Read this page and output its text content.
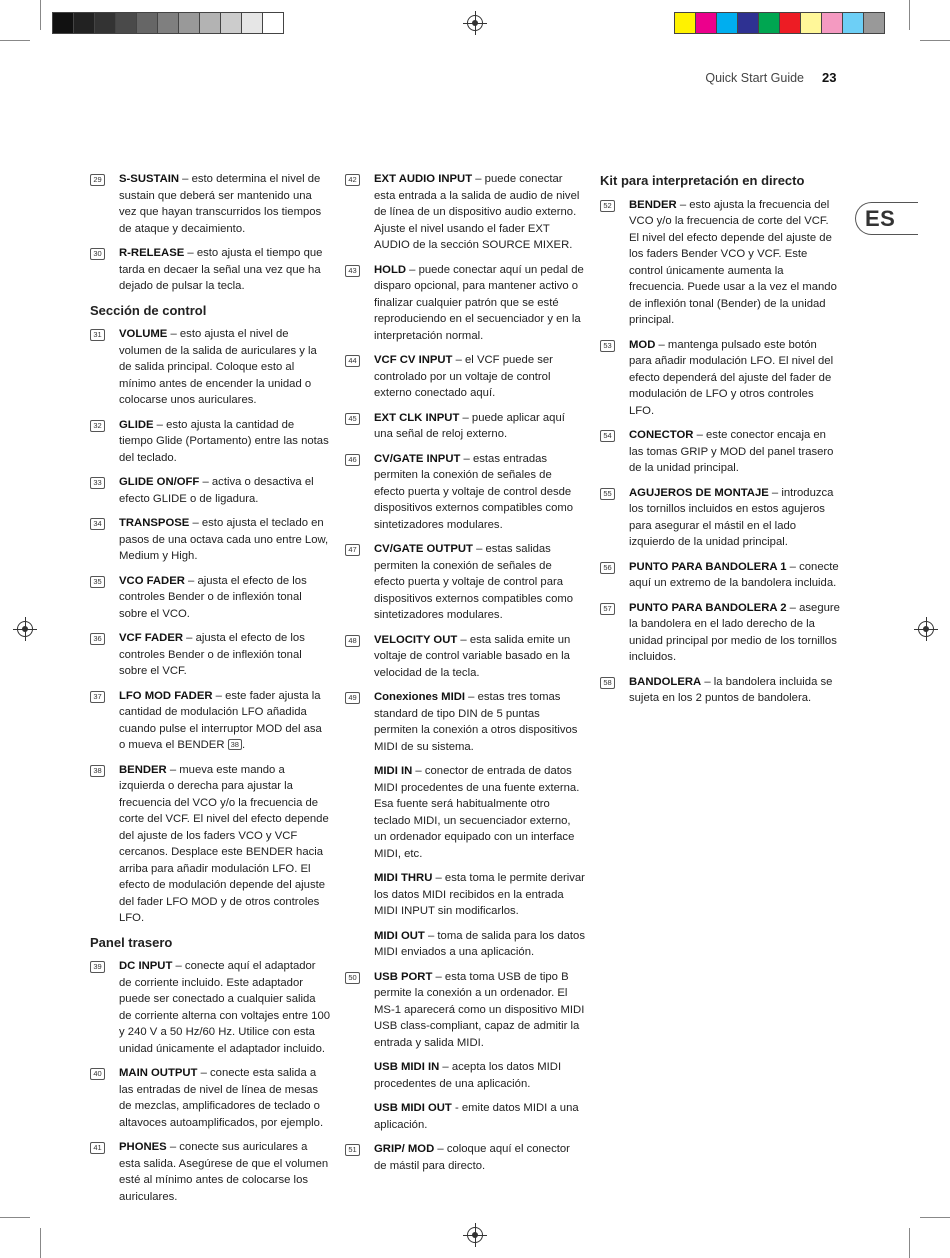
Quick Start Guide 23
ES
29 S-SUSTAIN – esto determina el nivel de sustain que deberá ser mantenido una vez que hayan transcurridos los tiempos de ataque y decaimiento.
30 R-RELEASE – esto ajusta el tiempo que tarda en decaer la señal una vez que ha dejado de pulsar la tecla.
Sección de control
31 VOLUME – esto ajusta el nivel de volumen de la salida de auriculares y la de salida principal. Coloque esto al mínimo antes de encender la unidad o colocarse unos auriculares.
32 GLIDE – esto ajusta la cantidad de tiempo Glide (Portamento) entre las notas del teclado.
33 GLIDE ON/OFF – activa o desactiva el efecto GLIDE o de ligadura.
34 TRANSPOSE – esto ajusta el teclado en pasos de una octava cada uno entre Low, Medium y High.
35 VCO FADER – ajusta el efecto de los controles Bender o de inflexión tonal sobre el VCO.
36 VCF FADER – ajusta el efecto de los controles Bender o de inflexión tonal sobre el VCF.
37 LFO MOD FADER – este fader ajusta la cantidad de modulación LFO añadida cuando pulse el interruptor MOD del asa o mueva el BENDER 38 .
38 BENDER – mueva este mando a izquierda o derecha para ajustar la frecuencia del VCO y/o la frecuencia de corte del VCF. El nivel del efecto depende del ajuste de los faders VCO y VCF cercanos. Desplace este BENDER hacia arriba para añadir modulación LFO. El efecto de modulación depende del ajuste del fader LFO MOD y de otros controles LFO.
Panel trasero
39 DC INPUT – conecte aquí el adaptador de corriente incluido. Este adaptador puede ser conectado a cualquier salida de corriente alterna con voltajes entre 100 y 240 V a 50 Hz/60 Hz. Utilice con esta unidad únicamente el adaptador incluido.
40 MAIN OUTPUT – conecte esta salida a las entradas de nivel de línea de mesas de mezclas, amplificadores de teclado o altavoces autoamplificados, por ejemplo.
41 PHONES – conecte sus auriculares a esta salida. Asegúrese de que el volumen esté al mínimo antes de colocarse los auriculares.
42 EXT AUDIO INPUT – puede conectar esta entrada a la salida de audio de nivel de línea de un dispositivo audio externo. Ajuste el nivel usando el fader EXT AUDIO de la sección SOURCE MIXER.
43 HOLD – puede conectar aquí un pedal de disparo opcional, para mantener activo o finalizar cualquier patrón que se esté reproduciendo en el secuenciador y en la interpretación normal.
44 VCF CV INPUT – el VCF puede ser controlado por un voltaje de control externo conectado aquí.
45 EXT CLK INPUT – puede aplicar aquí una señal de reloj externo.
46 CV/GATE INPUT – estas entradas permiten la conexión de señales de efecto puerta y voltaje de control desde dispositivos externos compatibles como sintetizadores modulares.
47 CV/GATE OUTPUT – estas salidas permiten la conexión de señales de efecto puerta y voltaje de control para dispositivos externos compatibles como sintetizadores modulares.
48 VELOCITY OUT – esta salida emite un voltaje de control variable basado en la velocidad de la tecla.
49 Conexiones MIDI – estas tres tomas standard de tipo DIN de 5 puntas permiten la conexión a otros dispositivos MIDI de su sistema.
MIDI IN – conector de entrada de datos MIDI procedentes de una fuente externa. Esa fuente será habitualmente otro teclado MIDI, un secuenciador externo, un ordenador equipado con un interface MIDI, etc.
MIDI THRU – esta toma le permite derivar los datos MIDI recibidos en la entrada MIDI INPUT sin modificarlos.
MIDI OUT – toma de salida para los datos MIDI enviados a una aplicación.
50 USB PORT – esta toma USB de tipo B permite la conexión a un ordenador. El MS-1 aparecerá como un dispositivo MIDI USB class-compliant, capaz de admitir la entrada y salida MIDI.
USB MIDI IN – acepta los datos MIDI procedentes de una aplicación.
USB MIDI OUT - emite datos MIDI a una aplicación.
51 GRIP/ MOD – coloque aquí el conector de mástil para directo.
Kit para interpretación en directo
52 BENDER – esto ajusta la frecuencia del VCO y/o la frecuencia de corte del VCF. El nivel del efecto depende del ajuste de los faders Bender VCO y VCF. Este control únicamente aumenta la frecuencia. Puede usar a la vez el mando de inflexión tonal (Bender) de la unidad principal.
53 MOD – mantenga pulsado este botón para añadir modulación LFO. El nivel del efecto dependerá del ajuste del fader de modulación de LFO y otros controles LFO.
54 CONECTOR – este conector encaja en las tomas GRIP y MOD del panel trasero de la unidad principal.
55 AGUJEROS DE MONTAJE – introduzca los tornillos incluidos en estos agujeros para asegurar el mástil en el lado izquierdo de la unidad principal.
56 PUNTO PARA BANDOLERA 1 – conecte aquí un extremo de la bandolera incluida.
57 PUNTO PARA BANDOLERA 2 – asegure la bandolera en el lado derecho de la unidad principal por medio de los tornillos incluidos.
58 BANDOLERA – la bandolera incluida se sujeta en los 2 puntos de bandolera.
